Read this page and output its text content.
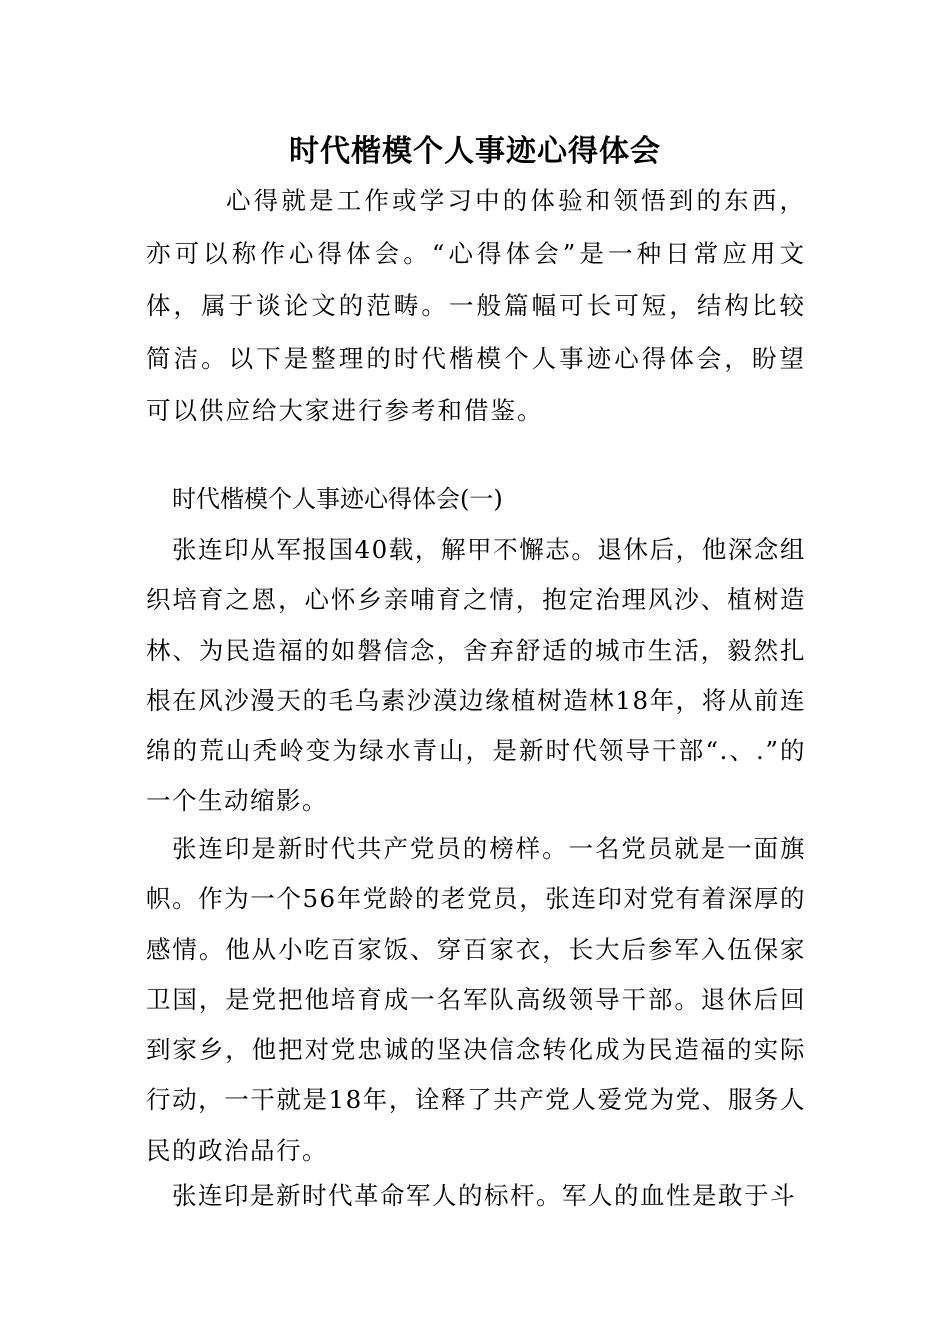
时代楷模个人事迹心得体会
心得就是工作或学习中的体验和领悟到的东西，亦可以称作心得体会。“心得体会”是一种日常应用文体，属于谈论文的范畴。一般篇幅可长可短，结构比较简洁。以下是整理的时代楷模个人事迹心得体会，盼望可以供应给大家进行参考和借鉴。
时代楷模个人事迹心得体会(一)
张连印从军报国40载，解甲不懈志。退休后，他深念组织培育之恩，心怀乡亲哺育之情，抱定治理风沙、植树造林、为民造福的如磐信念，舍弃舒适的城市生活，毅然扎根在风沙漫天的毛乌素沙漠边缘植树造林18年，将从前连绵的荒山秃岭变为绿水青山，是新时代领导干部“.、.”的一个生动缩影。
张连印是新时代共产党员的榜样。一名党员就是一面旗帜。作为一个56年党龄的老党员，张连印对党有着深厚的感情。他从小吃百家饭、穿百家衣，长大后参军入伍保家卫国，是党把他培育成一名军队高级领导干部。退休后回到家乡，他把对党忠诚的坚决信念转化成为民造福的实际行动，一干就是18年，诠释了共产党人爱党为党、服务人民的政治品行。
张连印是新时代革命军人的标杆。军人的血性是敢于斗
